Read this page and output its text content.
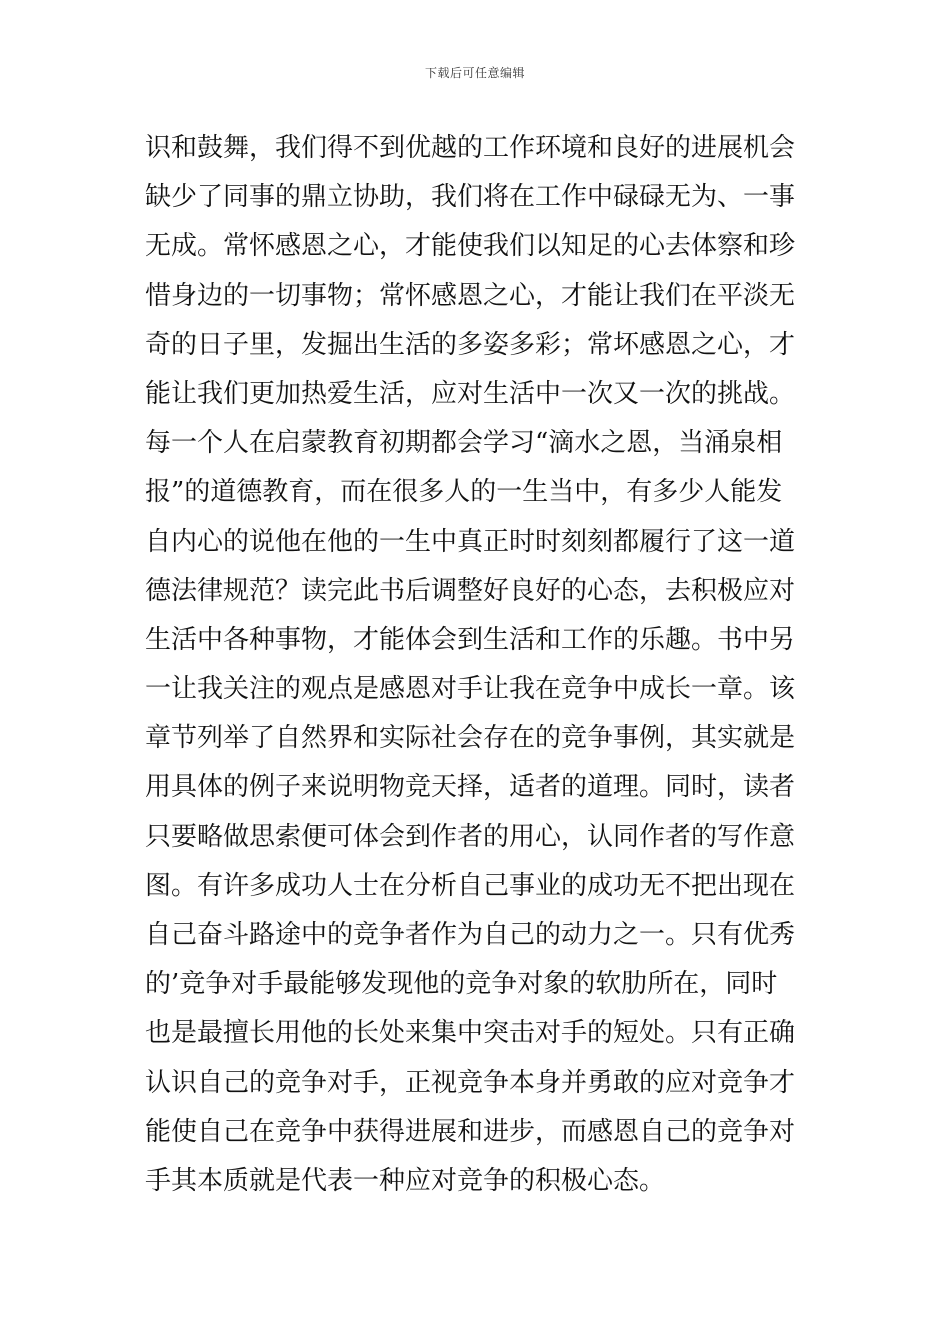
下载后可任意编辑
识和鼓舞，我们得不到优越的工作环境和良好的进展机会
缺少了同事的鼎立协助，我们将在工作中碌碌无为、一事
无成。常怀感恩之心，才能使我们以知足的心去体察和珍
惜身边的一切事物；常怀感恩之心，才能让我们在平淡无
奇的日子里，发掘出生活的多姿多彩；常坏感恩之心，才
能让我们更加热爱生活，应对生活中一次又一次的挑战。
每一个人在启蒙教育初期都会学习“滴水之恩，当涌泉相
报”的道德教育，而在很多人的一生当中，有多少人能发
自内心的说他在他的一生中真正时时刻刻都履行了这一道
德法律规范？读完此书后调整好良好的心态，去积极应对
生活中各种事物，才能体会到生活和工作的乐趣。书中另
一让我关注的观点是感恩对手让我在竞争中成长一章。该
章节列举了自然界和实际社会存在的竞争事例，其实就是
用具体的例子来说明物竞天择，适者的道理。同时，读者
只要略做思索便可体会到作者的用心，认同作者的写作意
图。有许多成功人士在分析自己事业的成功无不把出现在
自己奋斗路途中的竞争者作为自己的动力之一。只有优秀
的’竞争对手最能够发现他的竞争对象的软肋所在，同时
也是最擅长用他的长处来集中突击对手的短处。只有正确
认识自己的竞争对手，正视竞争本身并勇敢的应对竞争才
能使自己在竞争中获得进展和进步，而感恩自己的竞争对
手其本质就是代表一种应对竞争的积极心态。
